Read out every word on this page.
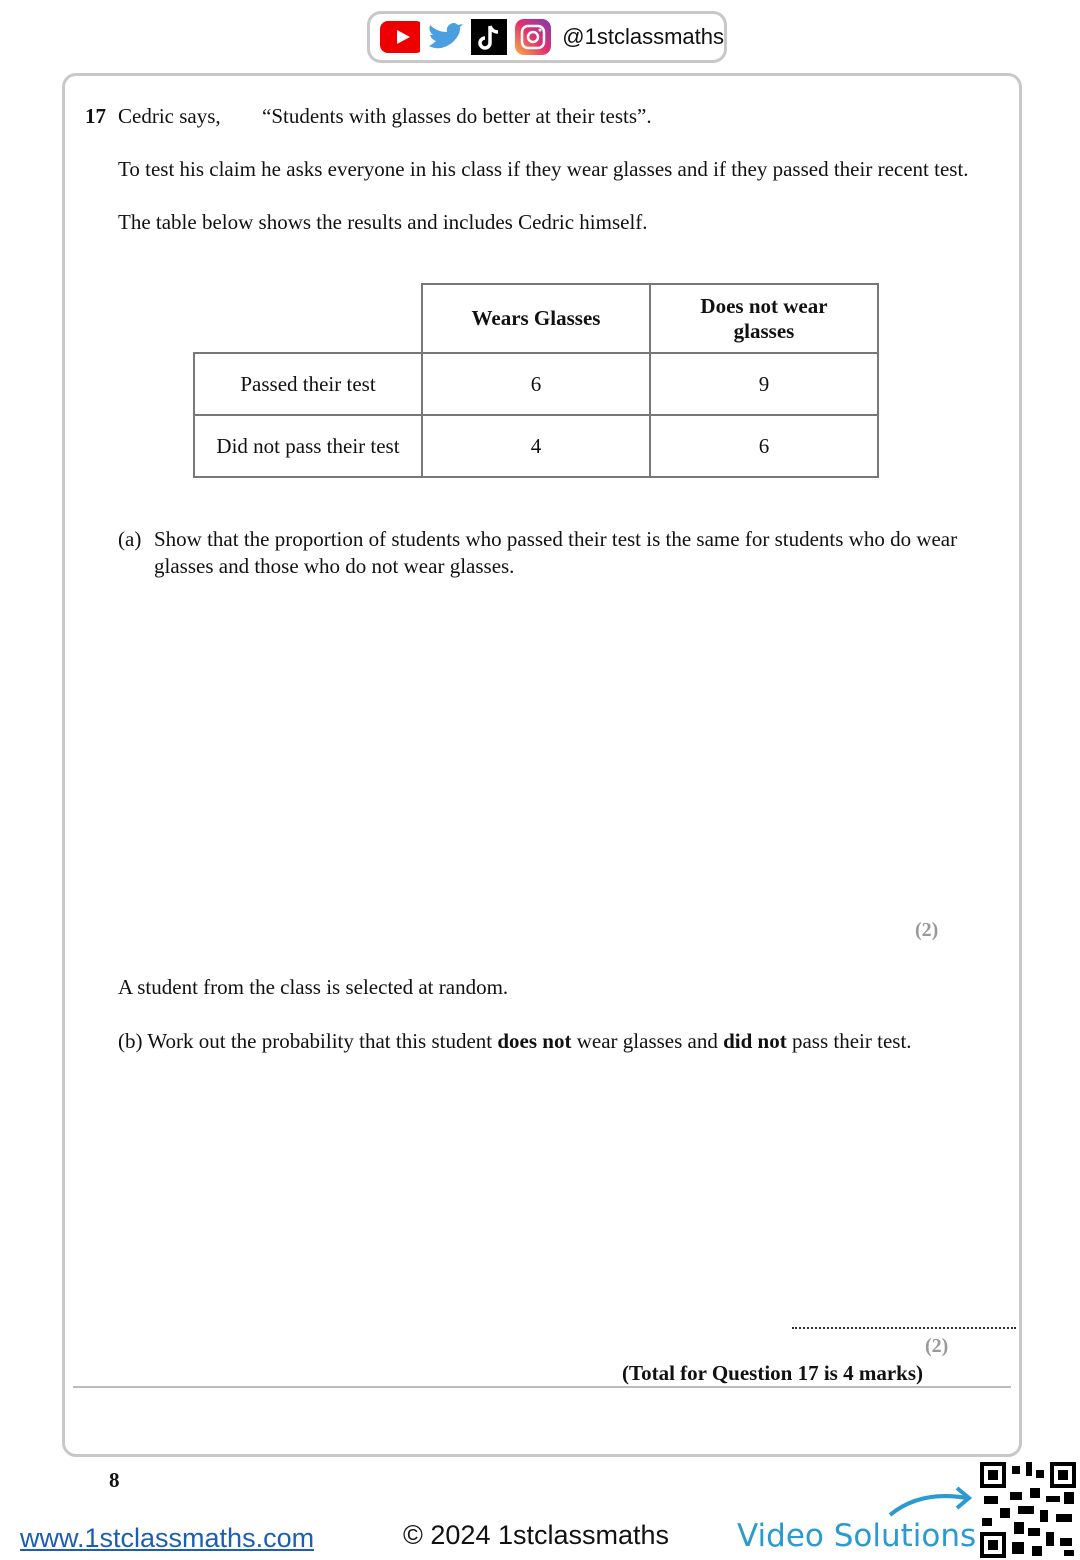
@1stclassmaths
17 Cedric says, “Students with glasses do better at their tests”.
To test his claim he asks everyone in his class if they wear glasses and if they passed their recent test.
The table below shows the results and includes Cedric himself.
	Wears Glasses	Does not wear glasses
Passed their test	6	9
Did not pass their test	4	6
(a) Show that the proportion of students who passed their test is the same for students who do wear
glasses and those who do not wear glasses.
(2)
A student from the class is selected at random.
(b) Work out the probability that this student does not wear glasses and did not pass their test.
(2)
(Total for Question 17 is 4 marks)
8
www.1stclassmaths.com	© 2024 1stclassmaths Video Solutions
